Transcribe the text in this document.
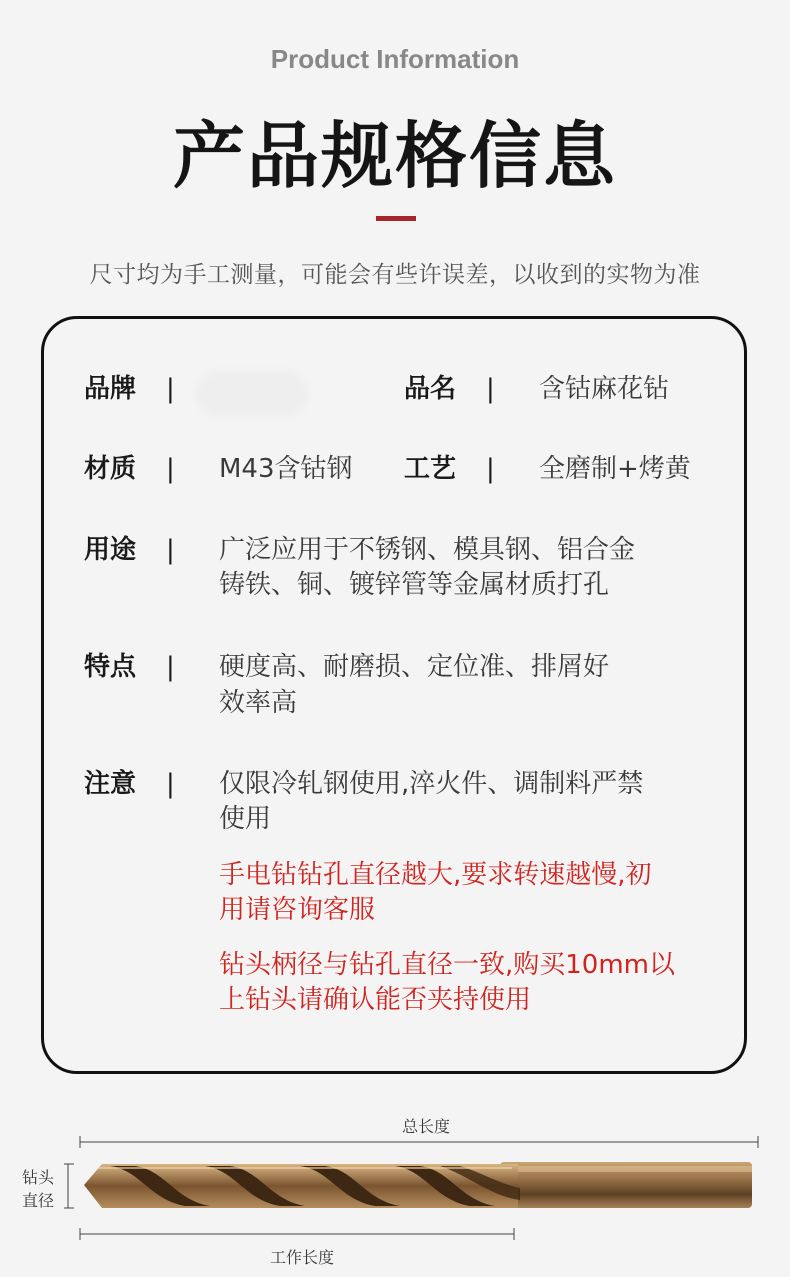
Product Information
产品规格信息
尺寸均为手工测量，可能会有些许误差，以收到的实物为准
品牌 |	品名 | 含钴麻花钻
材质 | M43含钴钢 工艺 | 全磨制+烤黄
用途 | 广泛应用于不锈钢、模具钢、铝合金
铸铁、铜、镀锌管等金属材质打孔
特点 | 硬度高、耐磨损、定位准、排屑好
效率高
注意 | 仅限冷轧钢使用,淬火件、调制料严禁
使用
手电钻钻孔直径越大,要求转速越慢,初
用请咨询客服
钻头柄径与钻孔直径一致,购买10mm以
上钻头请确认能否夹持使用
总长度
钻头
直径
工作长度
